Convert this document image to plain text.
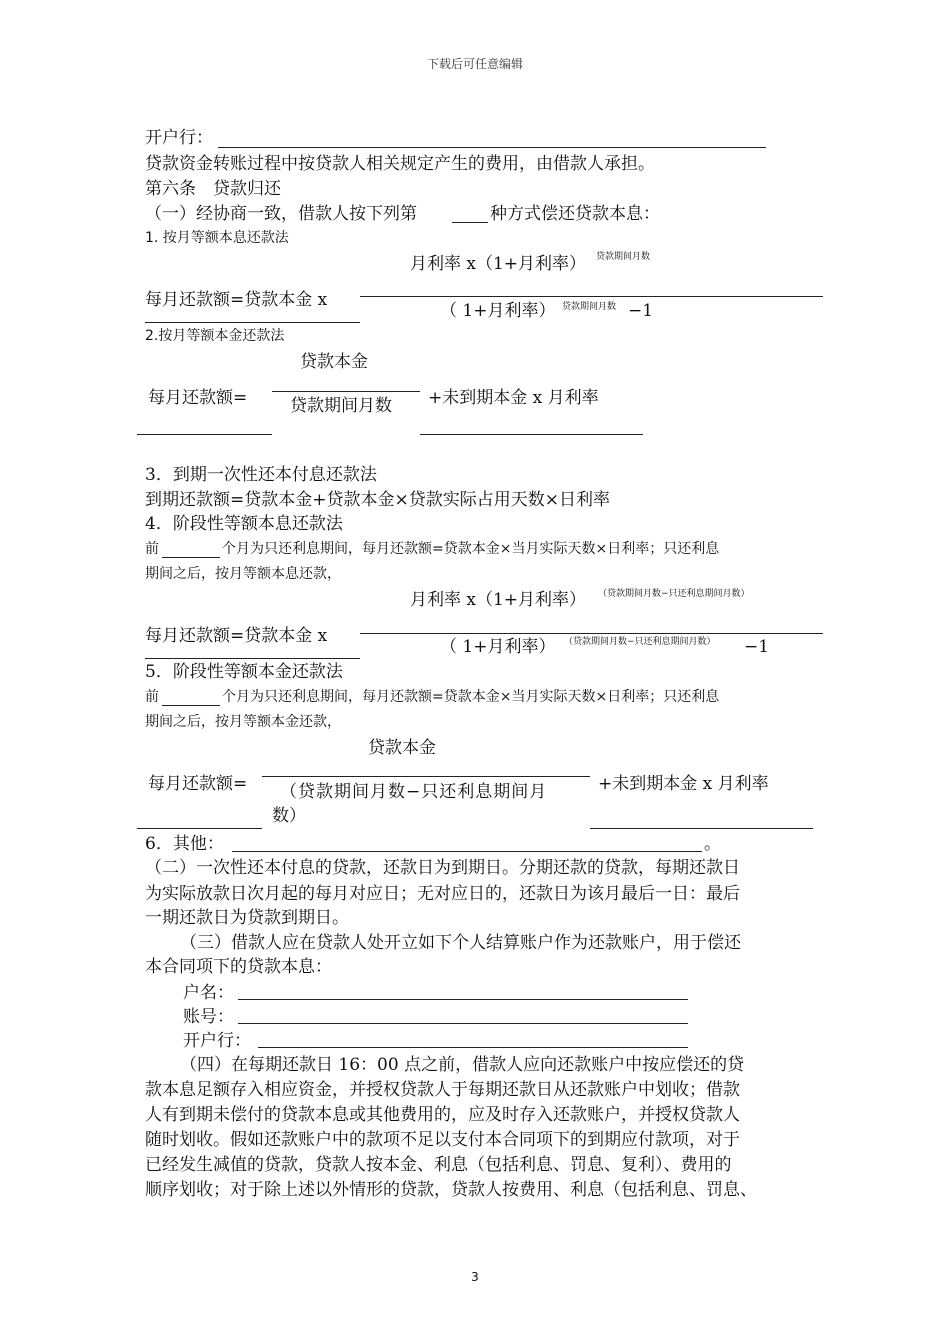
下载后可任意编辑
开户行：
贷款资金转账过程中按贷款人相关规定产生的费用，由借款人承担。
第六条　贷款归还
（一）经协商一致，借款人按下列第	种方式偿还贷款本息：
1. 按月等额本息还款法
月利率 x（1+月利率） 贷款期间月数
每月还款额=贷款本金 x
（ 1+月利率） 贷款期间月数 −1
2.按月等额本金还款法
贷款本金
每月还款额=	贷款期间月数 +未到期本金 x 月利率
3．到期一次性还本付息还款法
到期还款额=贷款本金+贷款本金×贷款实际占用天数×日利率
4．阶段性等额本息还款法
前	个月为只还利息期间，每月还款额=贷款本金×当月实际天数×日利率；只还利息
期间之后，按月等额本息还款，
月利率 x（1+月利率） （贷款期间月数−只还利息期间月数）
每月还款额=贷款本金 x
（ 1+月利率） （贷款期间月数−只还利息期间月数） −1
5．阶段性等额本金还款法
前	个月为只还利息期间，每月还款额=贷款本金×当月实际天数×日利率；只还利息
期间之后，按月等额本金还款，
贷款本金
每月还款额= （贷款期间月数−只还利息期间月
数）
+未到期本金 x 月利率
6．其他：	。
（二）一次性还本付息的贷款，还款日为到期日。分期还款的贷款，每期还款日
为实际放款日次月起的每月对应日；无对应日的，还款日为该月最后一日：最后
一期还款日为贷款到期日。
（三）借款人应在贷款人处开立如下个人结算账户作为还款账户，用于偿还
本合同项下的贷款本息：
户名：
账号：
开户行：
（四）在每期还款日 16：00 点之前，借款人应向还款账户中按应偿还的贷
款本息足额存入相应资金，并授权贷款人于每期还款日从还款账户中划收；借款
人有到期未偿付的贷款本息或其他费用的，应及时存入还款账户，并授权贷款人
随时划收。假如还款账户中的款项不足以支付本合同项下的到期应付款项，对于
已经发生减值的贷款，贷款人按本金、利息（包括利息、罚息、复利）、费用的
顺序划收；对于除上述以外情形的贷款，贷款人按费用、利息（包括利息、罚息、
3
